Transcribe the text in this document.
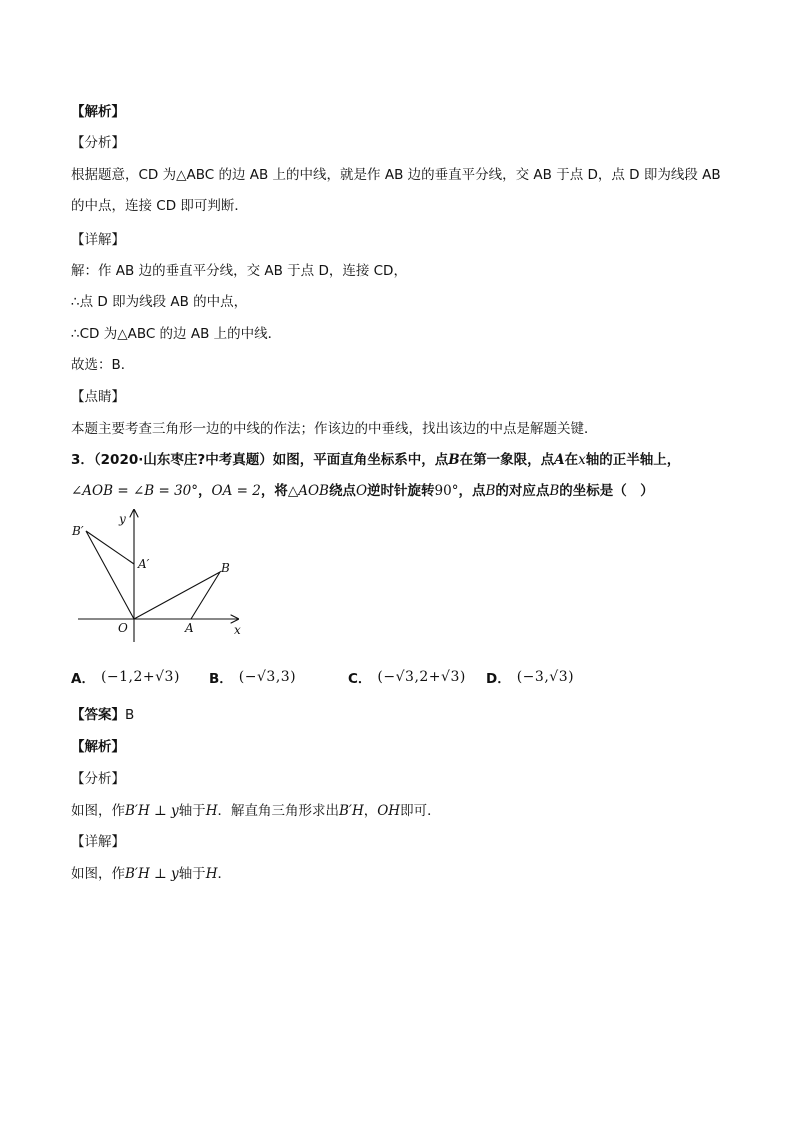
【解析】
【分析】
根据题意，CD 为△ABC 的边 AB 上的中线，就是作 AB 边的垂直平分线，交 AB 于点 D，点 D 即为线段 AB
的中点，连接 CD 即可判断．
【详解】
解：作 AB 边的垂直平分线，交 AB 于点 D，连接 CD，
∴点 D 即为线段 AB 的中点，
∴CD 为△ABC 的边 AB 上的中线．
故选：B．
【点睛】
本题主要考查三角形一边的中线的作法；作该边的中垂线，找出该边的中点是解题关键．
3．（2020·山东枣庄?中考真题）如图，平面直角坐标系中，点B在第一象限，点A在x轴的正半轴上，
∠AOB = ∠B = 30°，OA = 2，将△AOB绕点O逆时针旋转90°，点B的对应点B的坐标是（　）
B′
A′	B
O	A	x
y
A． (−1,2+√3) B． (−√3,3)	C． (−√3,2+√3) D． (−3,√3)
【答案】B
【解析】
【分析】
如图，作B′H ⊥ y轴于H．解直角三角形求出B′H，OH即可．
【详解】
如图，作B′H ⊥ y轴于H．
